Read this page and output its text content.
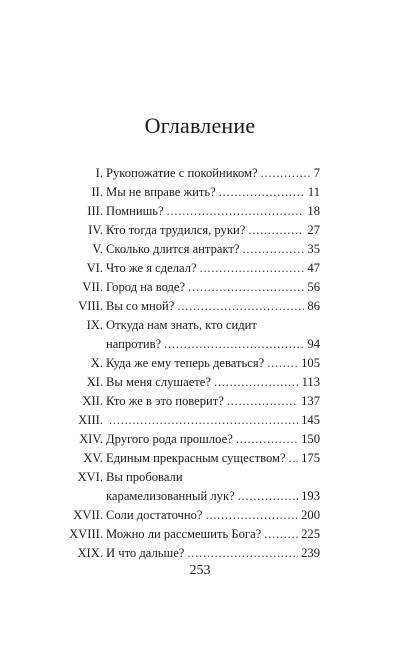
Оглавление
I. Рукопожатие с покойником? . . .	7
II. Мы не вправе жить? . . .	11
III. Помнишь? . . .	18
IV. Кто тогда трудился, руки? . . .	27
V. Сколько длится антракт? . . .	35
VI. Что же я сделал? . . .	47
VII. Город на воде? . . .	56
VIII. Вы со мной? . . .	86
IX. Откуда нам знать, кто сидит
напротив? . . .	94
X. Куда же ему теперь деваться? . . .	105
XI. Вы меня слушаете? . . .	113
XII. Кто же в это поверит? . . .	137
XIII. . . .	145
XIV. Другого рода прошлое? . . .	150
XV. Единым прекрасным существом? . . . 175
XVI. Вы пробовали
карамелизованный лук? . . .	193
XVII. Соли достаточно? . . .	200
XVIII. Можно ли рассмешить Бога? . . .	225
XIX. И что дальше? . . .	239
253
